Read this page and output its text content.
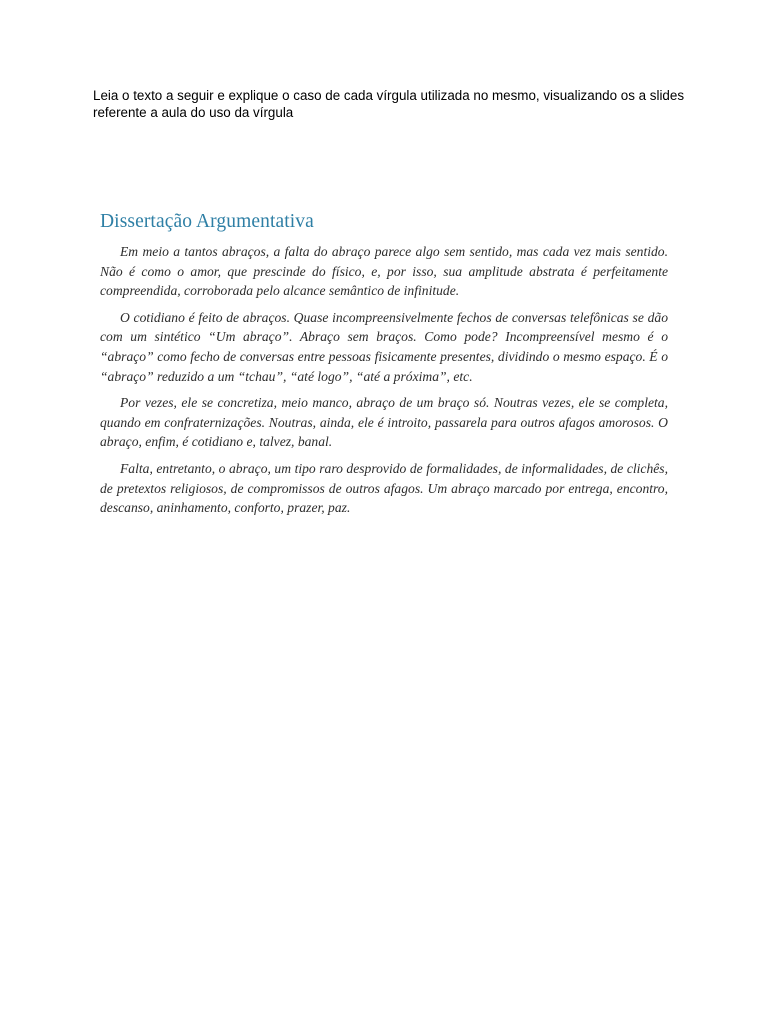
Leia o texto a seguir e explique o caso de cada vírgula utilizada no mesmo, visualizando os a slides referente a aula do uso da vírgula

Dissertação Argumentativa

Em meio a tantos abraços, a falta do abraço parece algo sem sentido, mas cada vez mais sentido. Não é como o amor, que prescinde do físico, e, por isso, sua amplitude abstrata é perfeitamente compreendida, corroborada pelo alcance semântico de infinitude.

O cotidiano é feito de abraços. Quase incompreensivelmente fechos de conversas telefônicas se dão com um sintético “Um abraço”. Abraço sem braços. Como pode? Incompreensível mesmo é o “abraço” como fecho de conversas entre pessoas fisicamente presentes, dividindo o mesmo espaço. É o “abraço” reduzido a um “tchau”, “até logo”, “até a próxima”, etc.

Por vezes, ele se concretiza, meio manco, abraço de um braço só. Noutras vezes, ele se completa, quando em confraternizações. Noutras, ainda, ele é introito, passarela para outros afagos amorosos. O abraço, enfim, é cotidiano e, talvez, banal.

Falta, entretanto, o abraço, um tipo raro desprovido de formalidades, de informalidades, de clichês, de pretextos religiosos, de compromissos de outros afagos. Um abraço marcado por entrega, encontro, descanso, aninhamento, conforto, prazer, paz.
